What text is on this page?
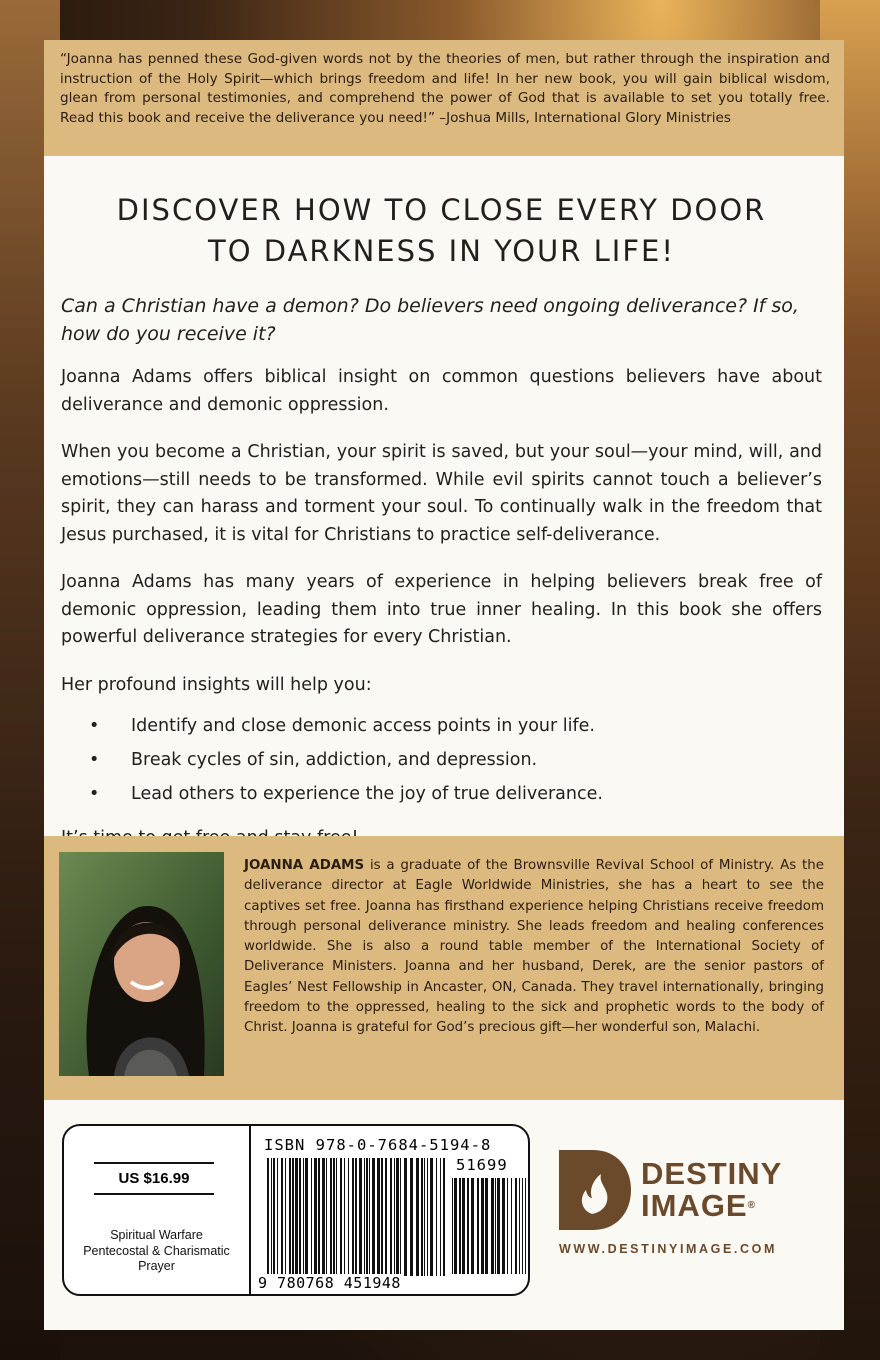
“Joanna has penned these God-given words not by the theories of men, but rather through the inspiration and instruction of the Holy Spirit—which brings freedom and life! In her new book, you will gain biblical wisdom, glean from personal testimonies, and comprehend the power of God that is available to set you totally free. Read this book and receive the deliverance you need!” –Joshua Mills, International Glory Ministries

DISCOVER HOW TO CLOSE EVERY DOOR
TO DARKNESS IN YOUR LIFE!

Can a Christian have a demon? Do believers need ongoing deliverance? If so, how do you receive it?

Joanna Adams offers biblical insight on common questions believers have about deliverance and demonic oppression.

When you become a Christian, your spirit is saved, but your soul—your mind, will, and emotions—still needs to be transformed. While evil spirits cannot touch a believer’s spirit, they can harass and torment your soul. To continually walk in the freedom that Jesus purchased, it is vital for Christians to practice self-deliverance.

Joanna Adams has many years of experience in helping believers break free of demonic oppression, leading them into true inner healing. In this book she offers powerful deliverance strategies for every Christian.

Her profound insights will help you:

• Identify and close demonic access points in your life.
• Break cycles of sin, addiction, and depression.
• Lead others to experience the joy of true deliverance.

JOANNA ADAMS is a graduate of the Brownsville Revival School of Ministry. As the deliverance director at Eagle Worldwide Ministries, she has a heart to see the captives set free. Joanna has firsthand experience helping Christians receive freedom through personal deliverance ministry. She leads freedom and healing conferences worldwide. She is also a round table member of the International Society of Deliverance Ministers. Joanna and her husband, Derek, are the senior pastors of Eagles’ Nest Fellowship in Ancaster, ON, Canada. They travel internationally, bringing freedom to the oppressed, healing to the sick and prophetic words to the body of Christ. Joanna is grateful for God’s precious gift—her wonderful son, Malachi.

US $16.99
Spiritual Warfare
Pentecostal & Charismatic
Prayer
ISBN 978-0-7684-5194-8
51699
9 780768 451948
DESTINY
IMAGE®
WWW.DESTINYIMAGE.COM
